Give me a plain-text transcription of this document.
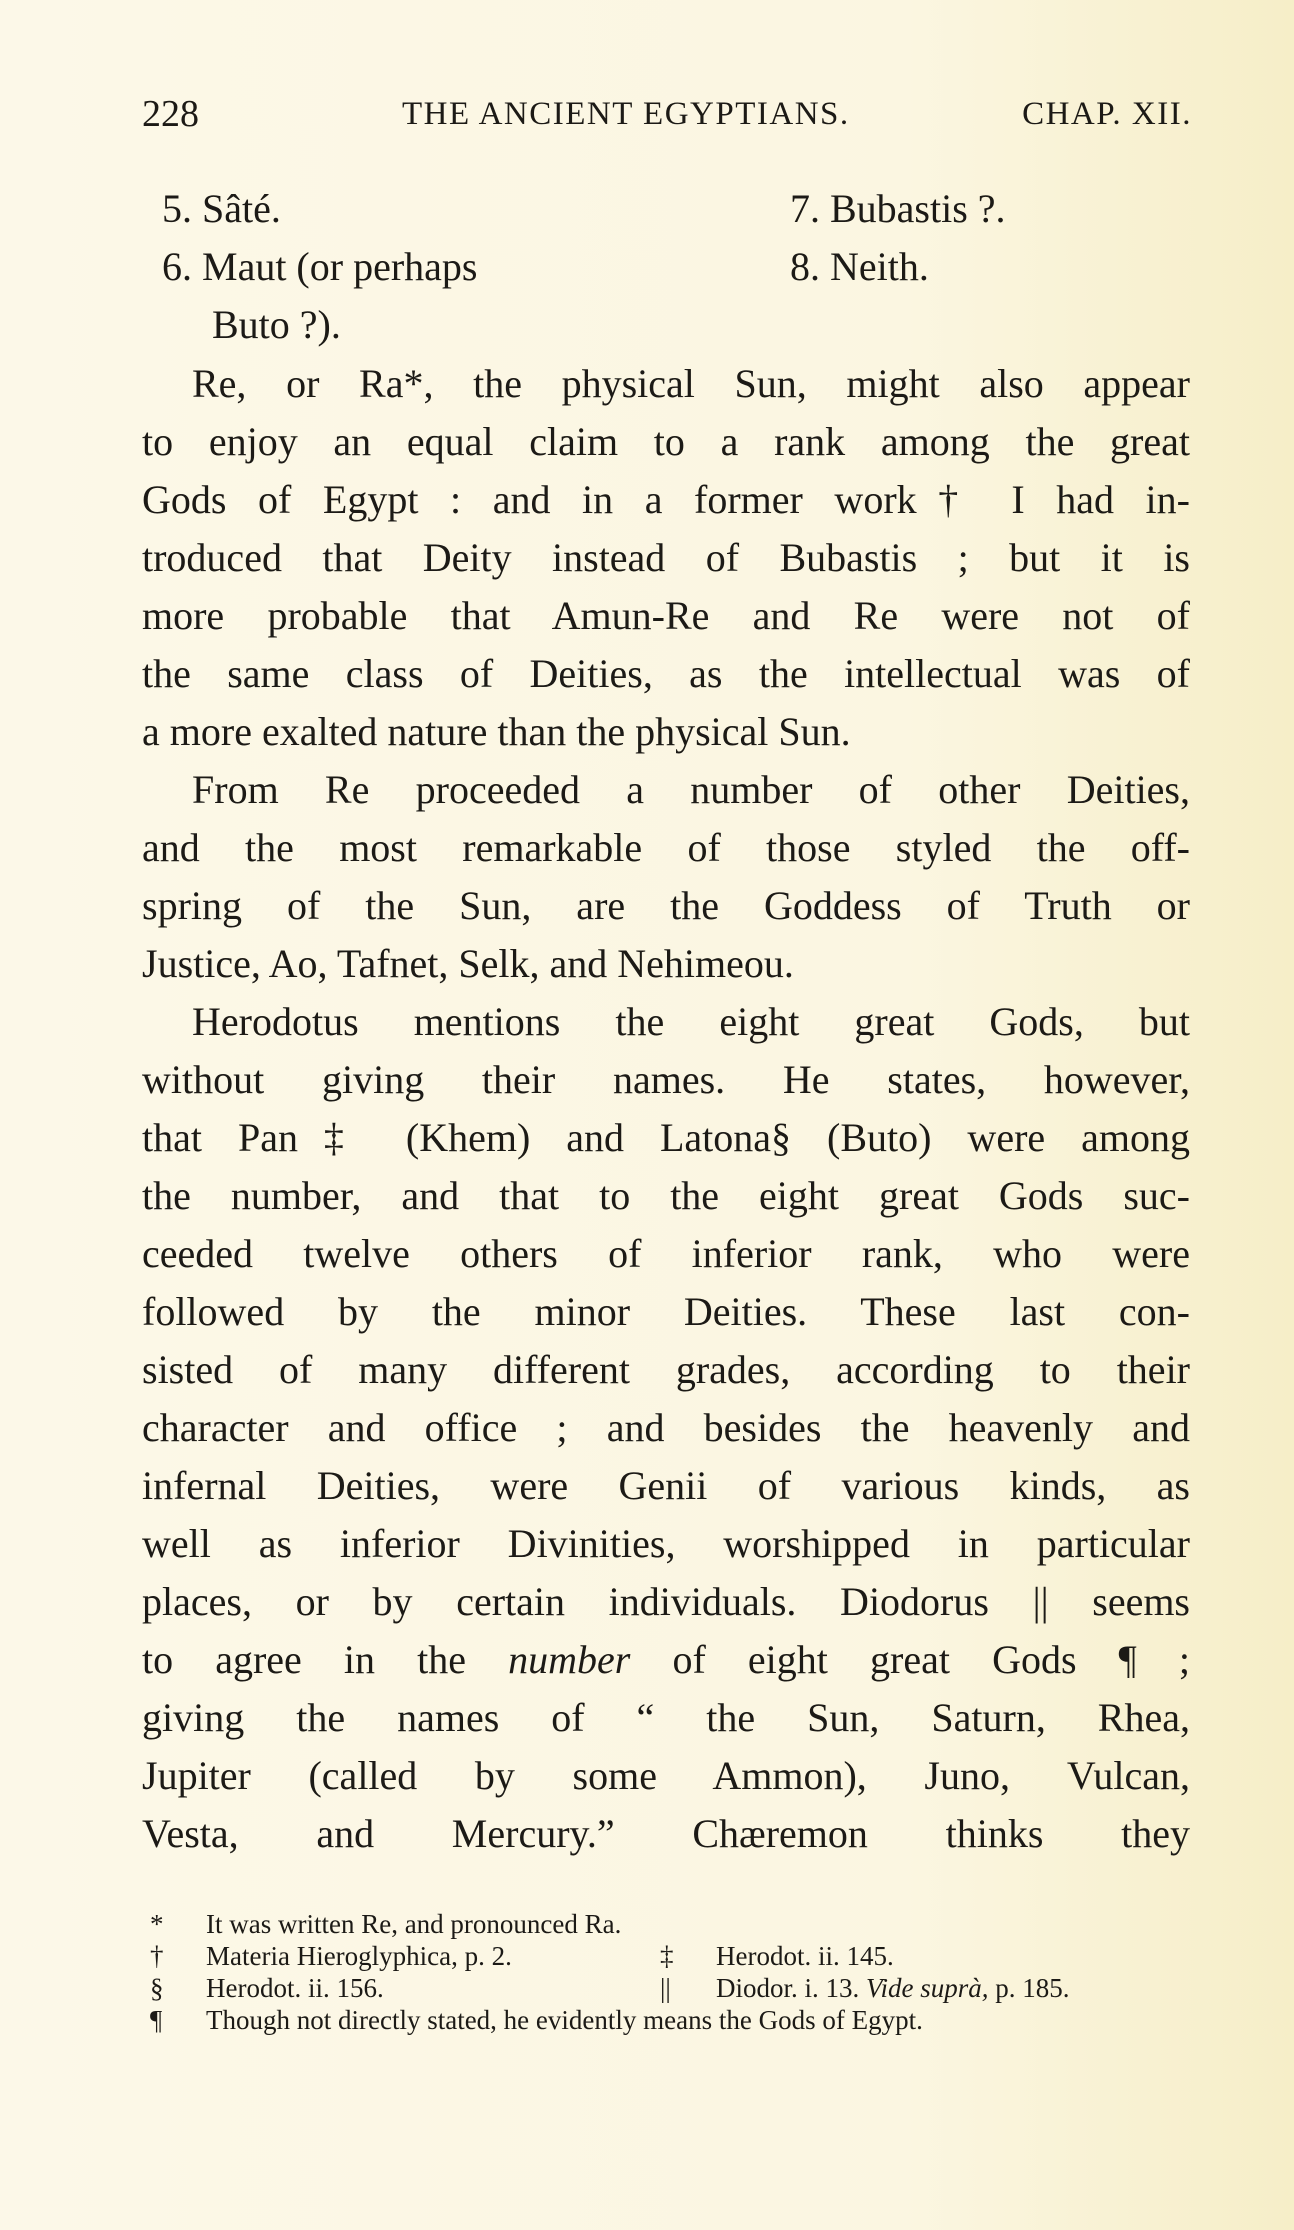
228	THE ANCIENT EGYPTIANS.	CHAP. XII.
5. Sâté.
6. Maut (or perhaps
Buto ?).
7. Bubastis ?.
8. Neith.
Re, or Ra*, the physical Sun, might also appear
to enjoy an equal claim to a rank among the great
Gods of Egypt : and in a former work† I had in-
troduced that Deity instead of Bubastis ; but it is
more probable that Amun-Re and Re were not of
the same class of Deities, as the intellectual was of
a more exalted nature than the physical Sun.
From Re proceeded a number of other Deities,
and the most remarkable of those styled the off-
spring of the Sun, are the Goddess of Truth or
Justice, Ao, Tafnet, Selk, and Nehimeou.
Herodotus mentions the eight great Gods, but
without giving their names. He states, however,
that Pan‡ (Khem) and Latona§ (Buto) were among
the number, and that to the eight great Gods suc-
ceeded twelve others of inferior rank, who were
followed by the minor Deities. These last con-
sisted of many different grades, according to their
character and office ; and besides the heavenly and
infernal Deities, were Genii of various kinds, as
well as inferior Divinities, worshipped in particular
places, or by certain individuals. Diodorus || seems
to agree in the number of eight great Gods ¶ ;
giving the names of “ the Sun, Saturn, Rhea,
Jupiter (called by some Ammon), Juno, Vulcan,
Vesta, and Mercury.” Chæremon thinks they
* It was written Re, and pronounced Ra.
† Materia Hieroglyphica, p. 2.	‡ Herodot. ii. 145.
§ Herodot. ii. 156.	|| Diodor. i. 13. Vide suprà, p. 185.
¶ Though not directly stated, he evidently means the Gods of Egypt.
